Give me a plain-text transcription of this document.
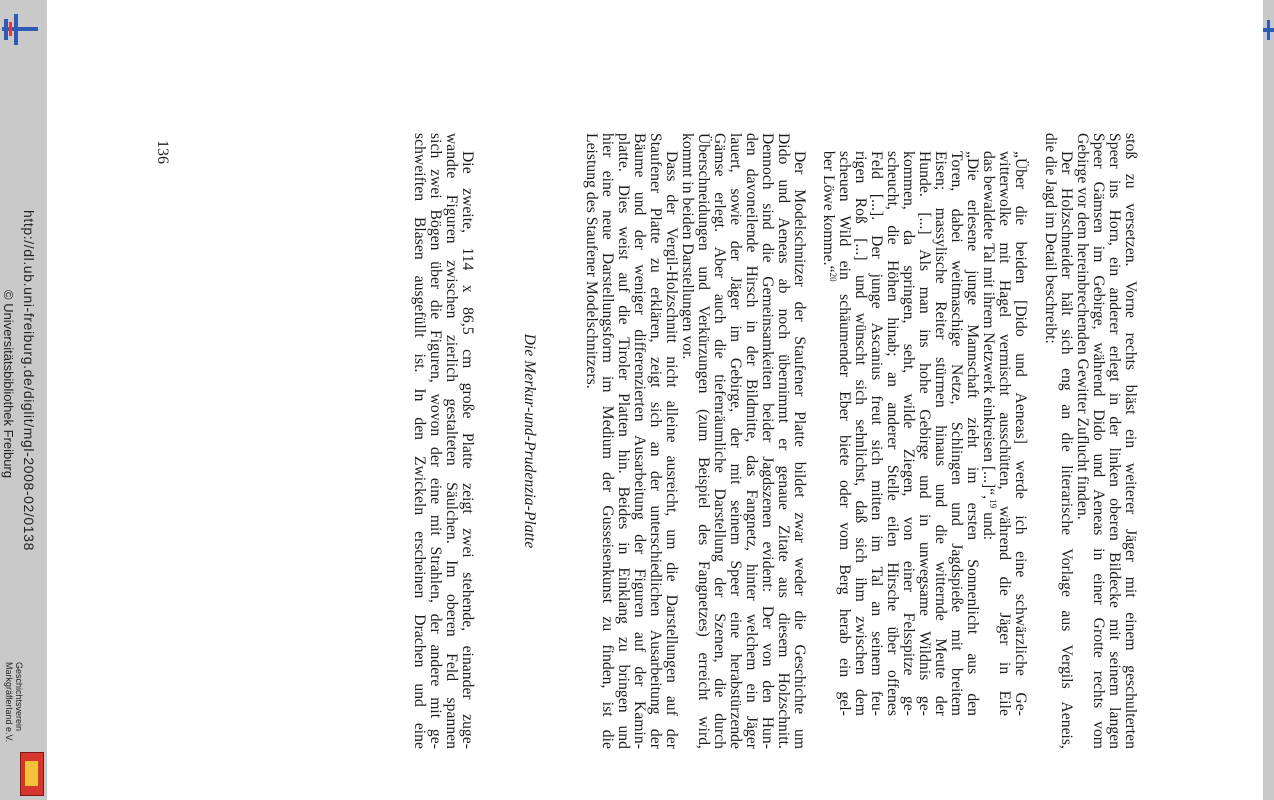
http://dl.ub.uni-freiburg.de/diglit/mgl-2008-02/0138
© Universitätsbibliothek Freiburg
Geschichtsverein
Markgräflerland e.V.
136	stoß zu versetzen. Vorne rechts bläst ein weiterer Jäger mit einem geschulterten
Speer ins Horn, ein anderer erlegt in der linken oberen Bildecke mit seinem langen
Speer Gämsen im Gebirge, während Dido und Aeneas in einer Grotte rechts vom
Gebirge vor dem hereinbrechenden Gewitter Zuflucht finden.
Der Holzschneider hält sich eng an die literarische Vorlage aus Vergils Aeneis,
die die Jagd im Detail beschreibt:
„Über die beiden [Dido und Aeneas] werde ich eine schwärzliche Ge-
witterwolke mit Hagel vermischt ausschütten, während die Jäger in Eile
das bewaldete Tal mit ihrem Netzwerk einkreisen [...]“,$^{19}$ und:
„Die erlesene junge Mannschaft zieht im ersten Sonnenlicht aus den
Toren, dabei weitmaschige Netze, Schlingen und Jagdspieße mit breitem
Eisen; massylische Reiter stürmen hinaus und die witternde Meute der
Hunde. [...] Als man ins hohe Gebirge und in unwegsame Wildnis ge-
kommen, da springen, seht, wilde Ziegen, von einer Felsspitze ge-
scheucht, die Höhen hinab; an anderer Stelle eilen Hirsche über offenes
Feld [...]. Der junge Ascanius freut sich mitten im Tal an seinem feu-
rigen Roß [...] und wünscht sich sehnlichst, daß sich ihm zwischen dem
scheuen Wild ein schäumender Eber biete oder vom Berg herab ein gel-
ber Löwe komme.“$^{20}$
Der Modelschnitzer der Staufener Platte bildet zwar weder die Geschichte um
Dido und Aeneas ab noch übernimmt er genaue Zitate aus diesem Holzschnitt.
Dennoch sind die Gemeinsamkeiten beider Jagdszenen evident: Der von den Hun-
den davoneilende Hirsch in der Bildmitte, das Fangnetz, hinter welchem ein Jäger
lauert, sowie der Jäger im Gebirge, der mit seinem Speer eine herabstürzende
Gämse erlegt. Aber auch die tiefenräumliche Darstellung der Szenen, die durch
Überschneidungen und Verkürzungen (zum Beispiel des Fangnetzes) erreicht wird,
kommt in beiden Darstellungen vor.
Dass der Vergil-Holzschnitt nicht alleine ausreicht, um die Darstellungen auf der
Staufener Platte zu erklären, zeigt sich an der unterschiedlichen Ausarbeitung der
Bäume und der weniger differenzierten Ausarbeitung der Figuren auf der Kamin-
platte. Dies weist auf die Tiroler Platten hin. Beides in Einklang zu bringen und
hier eine neue Darstellungsform im Medium der Gusseisenkunst zu finden, ist die
Leistung des Staufener Modelschnitzers.
Die Merkur-und-Prudenzia-Platte
Die zweite, 114 x 86,5 cm große Platte zeigt zwei stehende, einander zuge-
wandte Figuren zwischen zierlich gestalteten Säulchen. Im oberen Feld spannen
sich zwei Bögen über die Figuren, wovon der eine mit Strahlen, der andere mit ge-
schweiften Blasen ausgefüllt ist. In den Zwickeln erscheinen Drachen und eine
